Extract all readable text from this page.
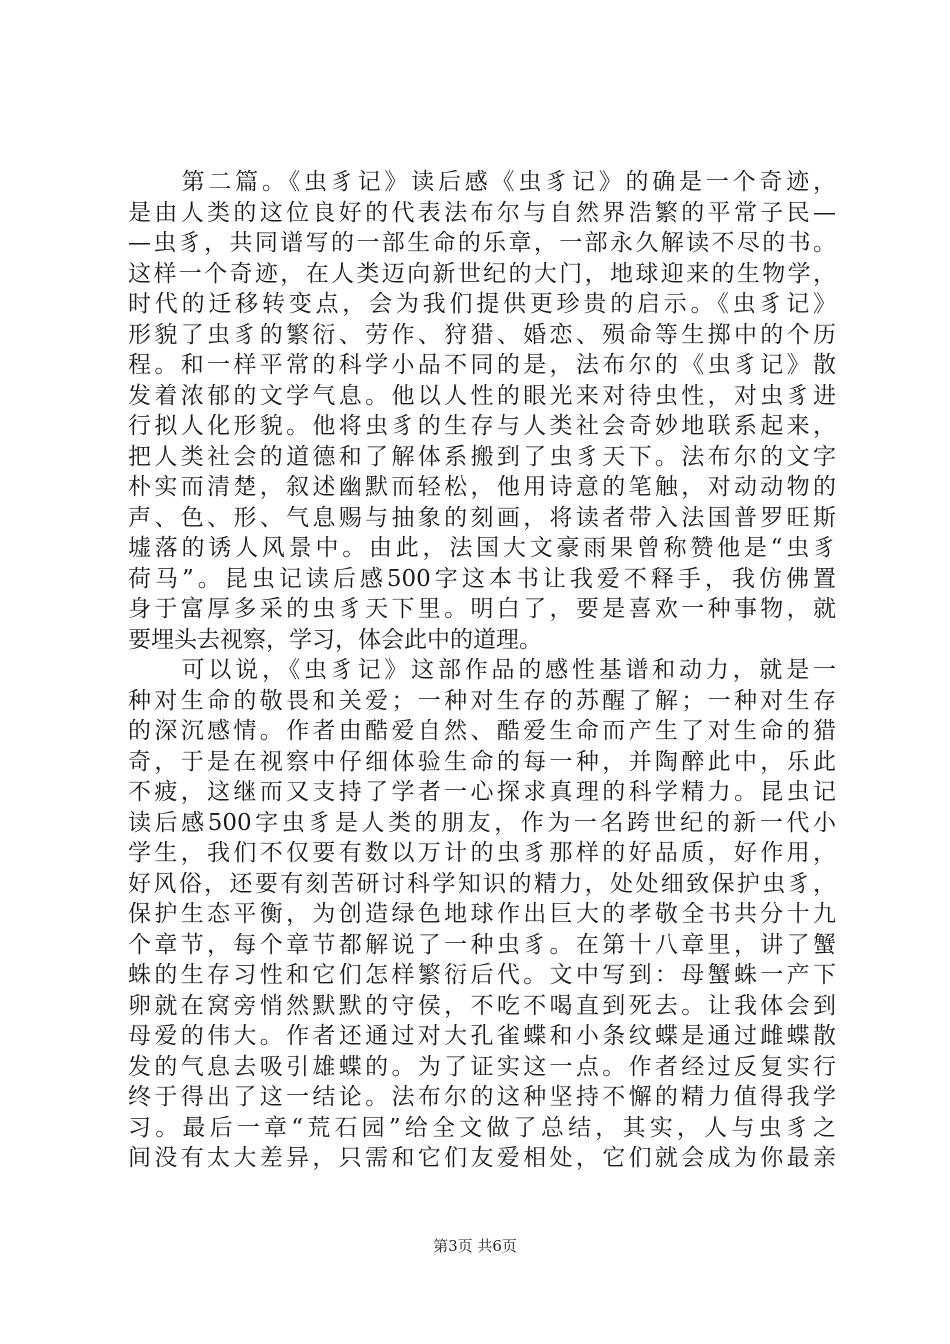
　　第二篇。《虫豸记》读后感《虫豸记》的确是一个奇迹，
是由人类的这位良好的代表法布尔与自然界浩繁的平常子民—
—虫豸，共同谱写的一部生命的乐章，一部永久解读不尽的书。
这样一个奇迹，在人类迈向新世纪的大门，地球迎来的生物学，
时代的迁移转变点，会为我们提供更珍贵的启示。《虫豸记》
形貌了虫豸的繁衍、劳作、狩猎、婚恋、殒命等生掷中的个历
程。和一样平常的科学小品不同的是，法布尔的《虫豸记》散
发着浓郁的文学气息。他以人性的眼光来对待虫性，对虫豸进
行拟人化形貌。他将虫豸的生存与人类社会奇妙地联系起来，
把人类社会的道德和了解体系搬到了虫豸天下。法布尔的文字
朴实而清楚，叙述幽默而轻松，他用诗意的笔触，对动动物的
声、色、形、气息赐与抽象的刻画，将读者带入法国普罗旺斯
墟落的诱人风景中。由此，法国大文豪雨果曾称赞他是“虫豸
荷马”。昆虫记读后感500字这本书让我爱不释手，我仿佛置
身于富厚多采的虫豸天下里。明白了，要是喜欢一种事物，就
要埋头去视察，学习，体会此中的道理。
　　可以说，《虫豸记》这部作品的感性基谱和动力，就是一
种对生命的敬畏和关爱；一种对生存的苏醒了解；一种对生存
的深沉感情。作者由酷爱自然、酷爱生命而产生了对生命的猎
奇，于是在视察中仔细体验生命的每一种，并陶醉此中，乐此
不疲，这继而又支持了学者一心探求真理的科学精力。昆虫记
读后感500字虫豸是人类的朋友，作为一名跨世纪的新一代小
学生，我们不仅要有数以万计的虫豸那样的好品质，好作用，
好风俗，还要有刻苦研讨科学知识的精力，处处细致保护虫豸，
保护生态平衡，为创造绿色地球作出巨大的孝敬全书共分十九
个章节，每个章节都解说了一种虫豸。在第十八章里，讲了蟹
蛛的生存习性和它们怎样繁衍后代。文中写到：母蟹蛛一产下
卵就在窝旁悄然默默的守侯，不吃不喝直到死去。让我体会到
母爱的伟大。作者还通过对大孔雀蝶和小条纹蝶是通过雌蝶散
发的气息去吸引雄蝶的。为了证实这一点。作者经过反复实行
终于得出了这一结论。法布尔的这种坚持不懈的精力值得我学
习。最后一章“荒石园”给全文做了总结，其实，人与虫豸之
间没有太大差异，只需和它们友爱相处，它们就会成为你最亲
第3页 共6页
